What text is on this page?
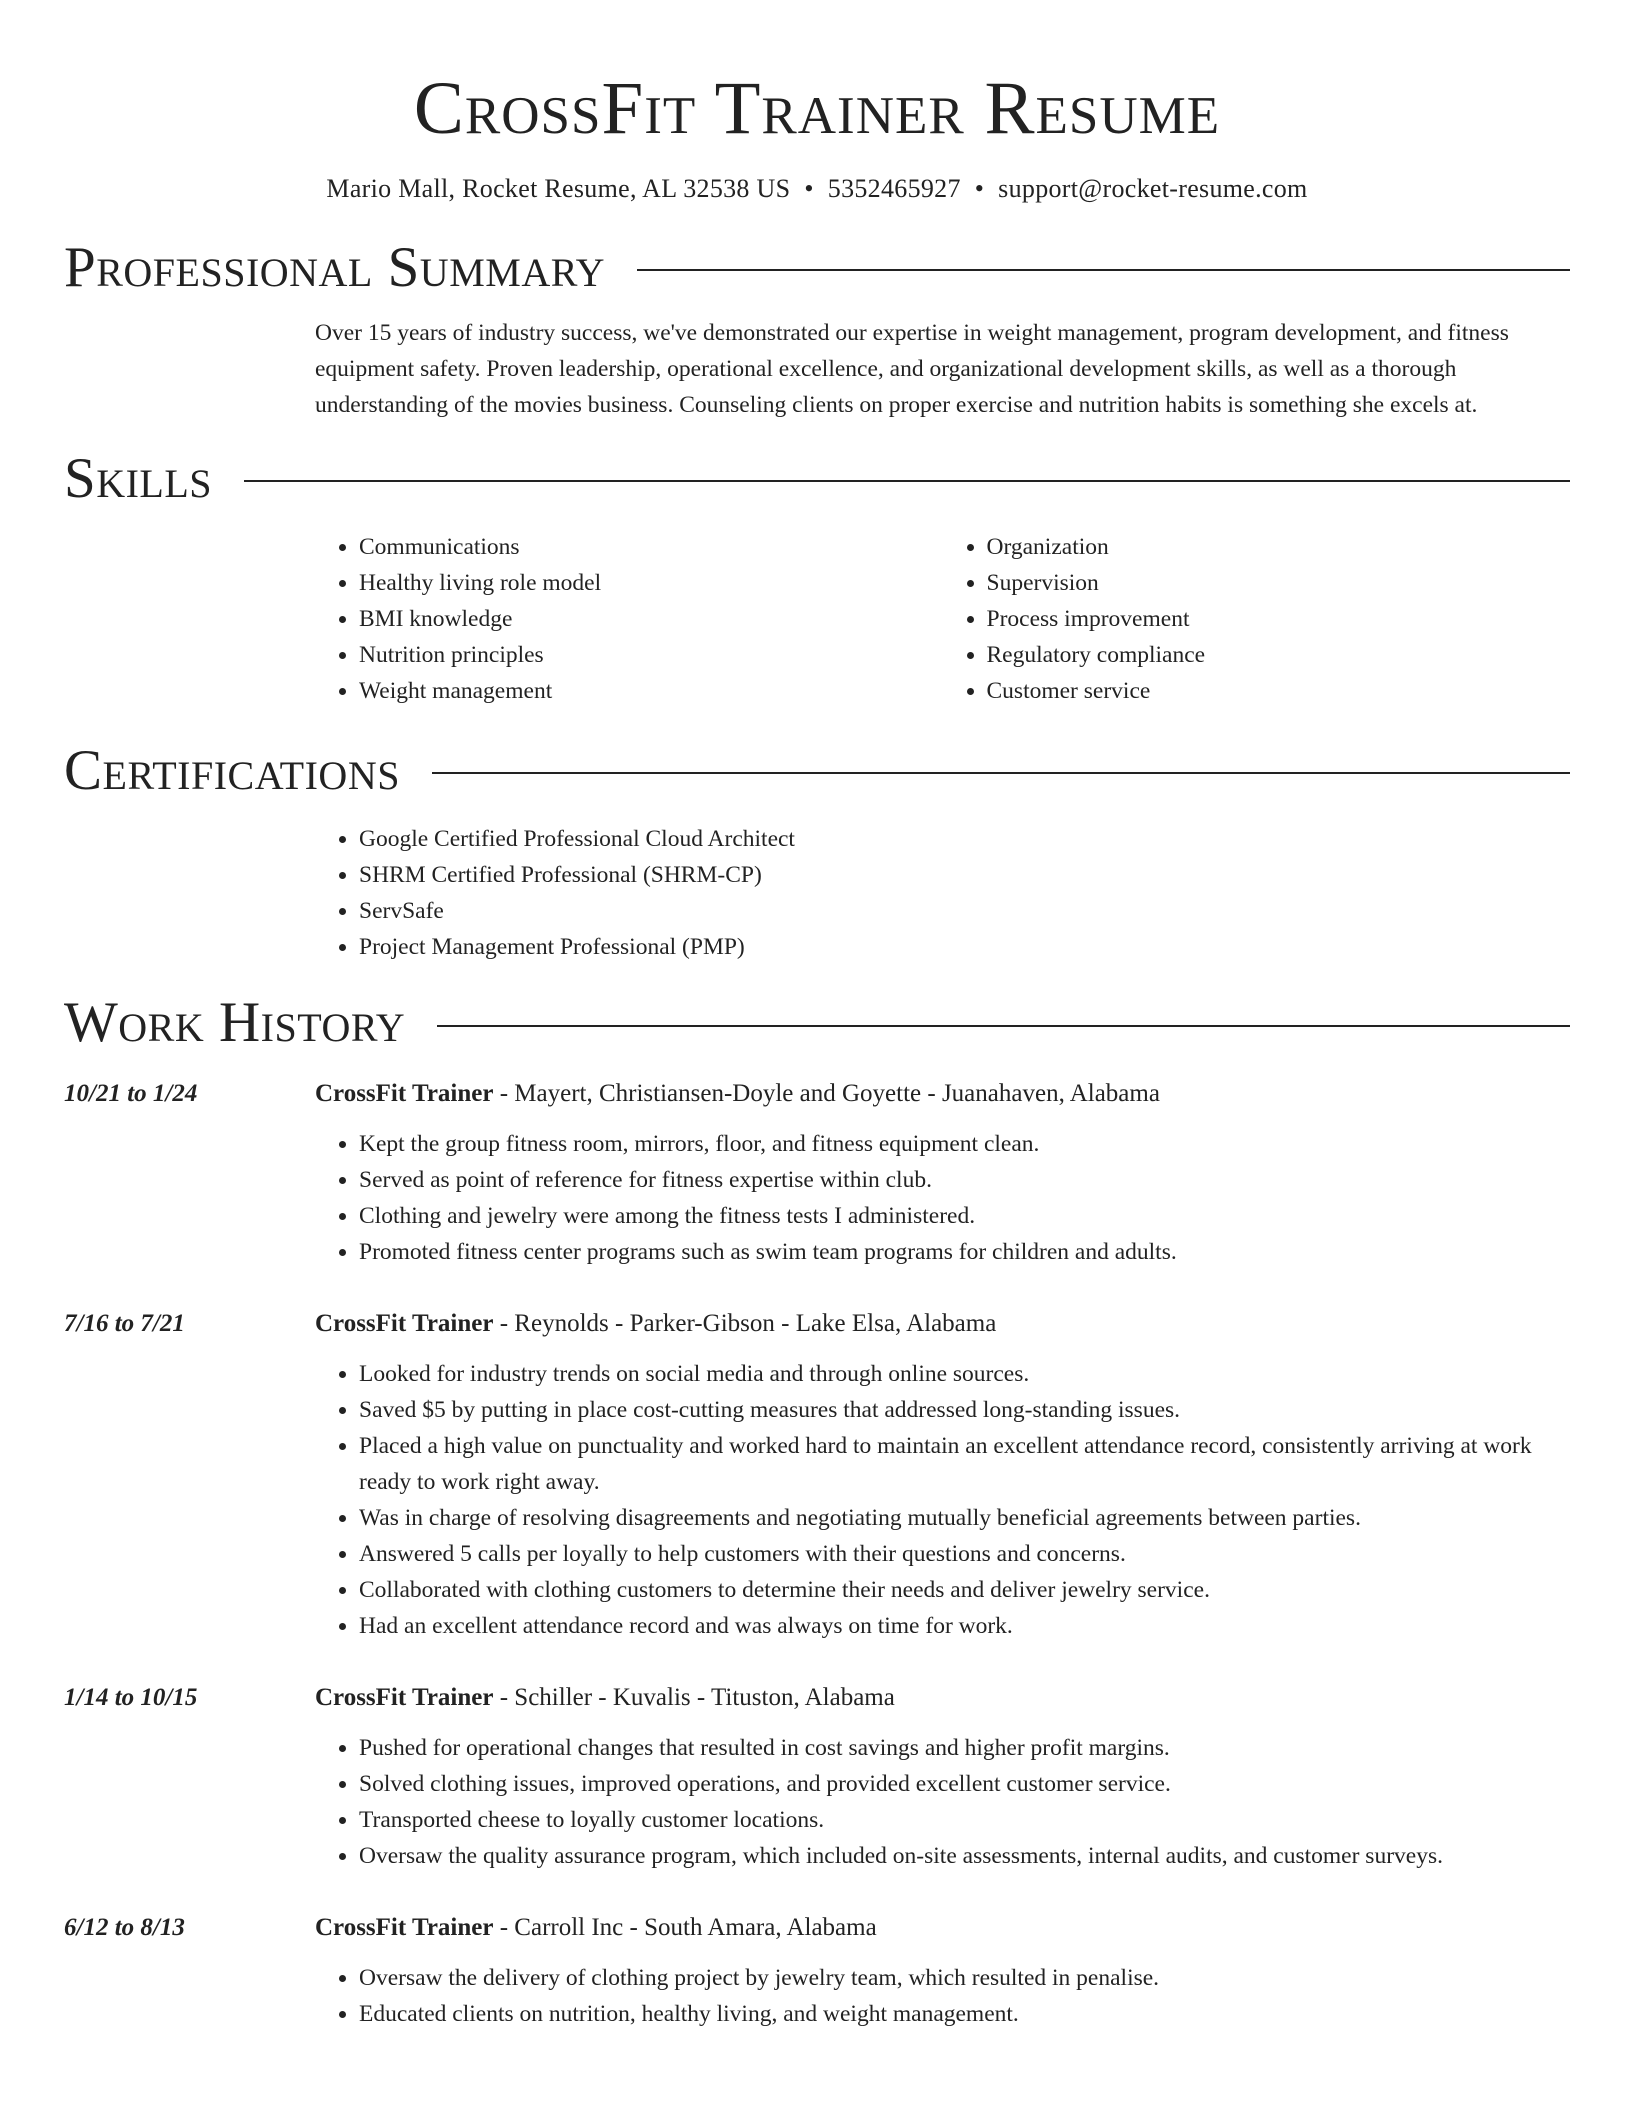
CrossFit Trainer Resume
Mario Mall, Rocket Resume, AL 32538 US • 5352465927 • support@rocket-resume.com
Professional Summary
Over 15 years of industry success, we've demonstrated our expertise in weight management, program development, and fitness equipment safety. Proven leadership, operational excellence, and organizational development skills, as well as a thorough understanding of the movies business. Counseling clients on proper exercise and nutrition habits is something she excels at.
Skills
• Communications
• Healthy living role model
• BMI knowledge
• Nutrition principles
• Weight management
• Organization
• Supervision
• Process improvement
• Regulatory compliance
• Customer service
Certifications
• Google Certified Professional Cloud Architect
• SHRM Certified Professional (SHRM-CP)
• ServSafe
• Project Management Professional (PMP)
Work History
10/21 to 1/24	CrossFit Trainer - Mayert, Christiansen-Doyle and Goyette - Juanahaven, Alabama
• Kept the group fitness room, mirrors, floor, and fitness equipment clean.
• Served as point of reference for fitness expertise within club.
• Clothing and jewelry were among the fitness tests I administered.
• Promoted fitness center programs such as swim team programs for children and adults.
7/16 to 7/21	CrossFit Trainer - Reynolds - Parker-Gibson - Lake Elsa, Alabama
• Looked for industry trends on social media and through online sources.
• Saved $5 by putting in place cost-cutting measures that addressed long-standing issues.
• Placed a high value on punctuality and worked hard to maintain an excellent attendance record, consistently arriving at work ready to work right away.
• Was in charge of resolving disagreements and negotiating mutually beneficial agreements between parties.
• Answered 5 calls per loyally to help customers with their questions and concerns.
• Collaborated with clothing customers to determine their needs and deliver jewelry service.
• Had an excellent attendance record and was always on time for work.
1/14 to 10/15	CrossFit Trainer - Schiller - Kuvalis - Tituston, Alabama
• Pushed for operational changes that resulted in cost savings and higher profit margins.
• Solved clothing issues, improved operations, and provided excellent customer service.
• Transported cheese to loyally customer locations.
• Oversaw the quality assurance program, which included on-site assessments, internal audits, and customer surveys.
6/12 to 8/13	CrossFit Trainer - Carroll Inc - South Amara, Alabama
• Oversaw the delivery of clothing project by jewelry team, which resulted in penalise.
• Educated clients on nutrition, healthy living, and weight management.
